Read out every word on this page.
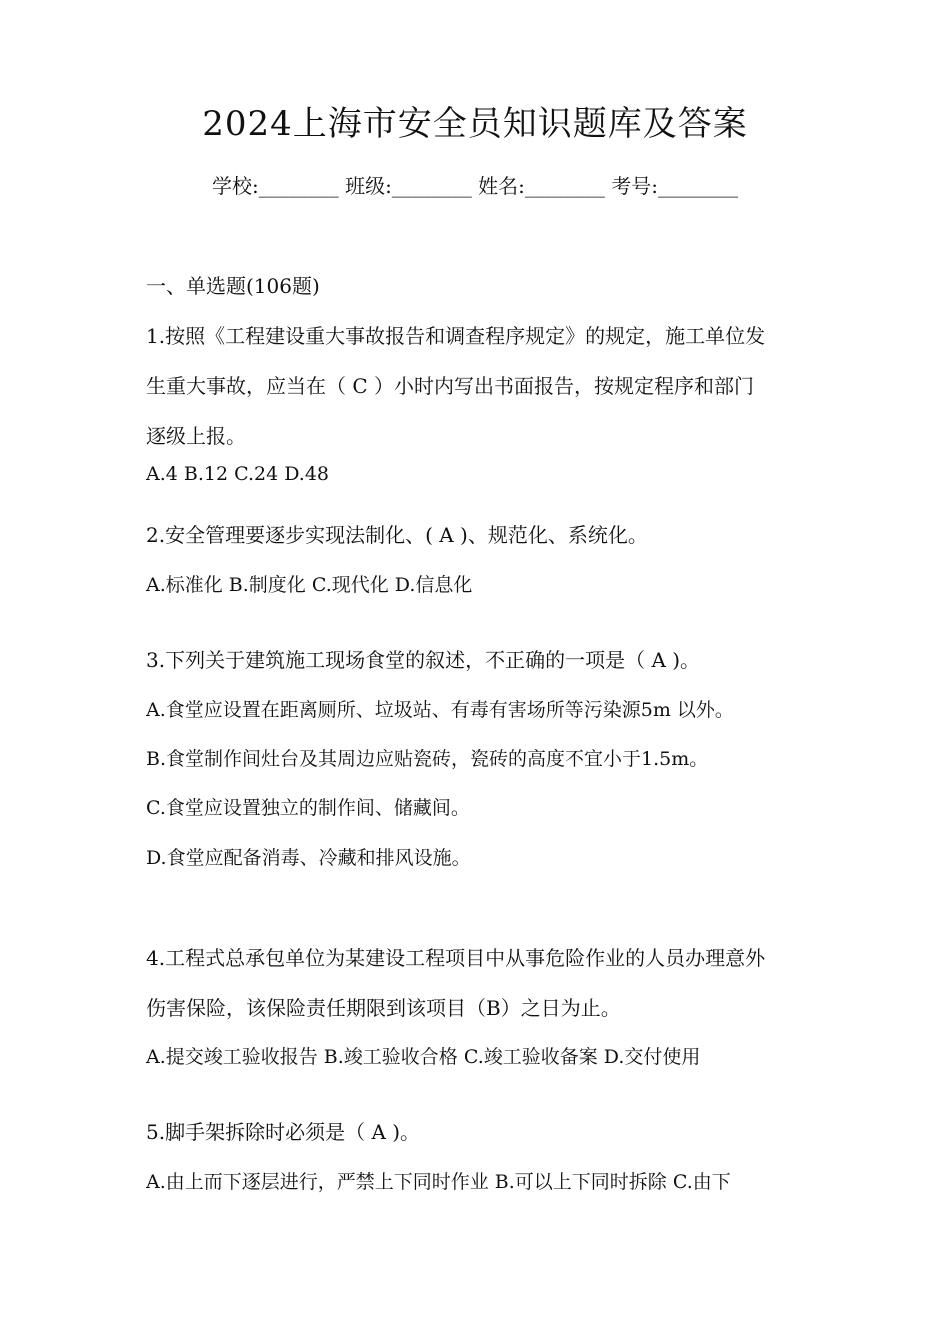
2024上海市安全员知识题库及答案
学校:________ 班级:________ 姓名:________ 考号:________
一、单选题(106题)
1.按照《工程建设重大事故报告和调查程序规定》的规定，施工单位发
生重大事故，应当在（ C ）小时内写出书面报告，按规定程序和部门
逐级上报。
A.4 B.12 C.24 D.48
2.安全管理要逐步实现法制化、( A )、规范化、系统化。
A.标准化 B.制度化 C.现代化 D.信息化
3.下列关于建筑施工现场食堂的叙述，不正确的一项是（ A )。
A.食堂应设置在距离厕所、垃圾站、有毒有害场所等污染源5m 以外。
B.食堂制作间灶台及其周边应贴瓷砖，瓷砖的高度不宜小于1.5m。
C.食堂应设置独立的制作间、储藏间。
D.食堂应配备消毒、冷藏和排风设施。
4.工程式总承包单位为某建设工程项目中从事危险作业的人员办理意外
伤害保险，该保险责任期限到该项目（B）之日为止。
A.提交竣工验收报告 B.竣工验收合格 C.竣工验收备案 D.交付使用
5.脚手架拆除时必须是（ A )。
A.由上而下逐层进行，严禁上下同时作业 B.可以上下同时拆除 C.由下
